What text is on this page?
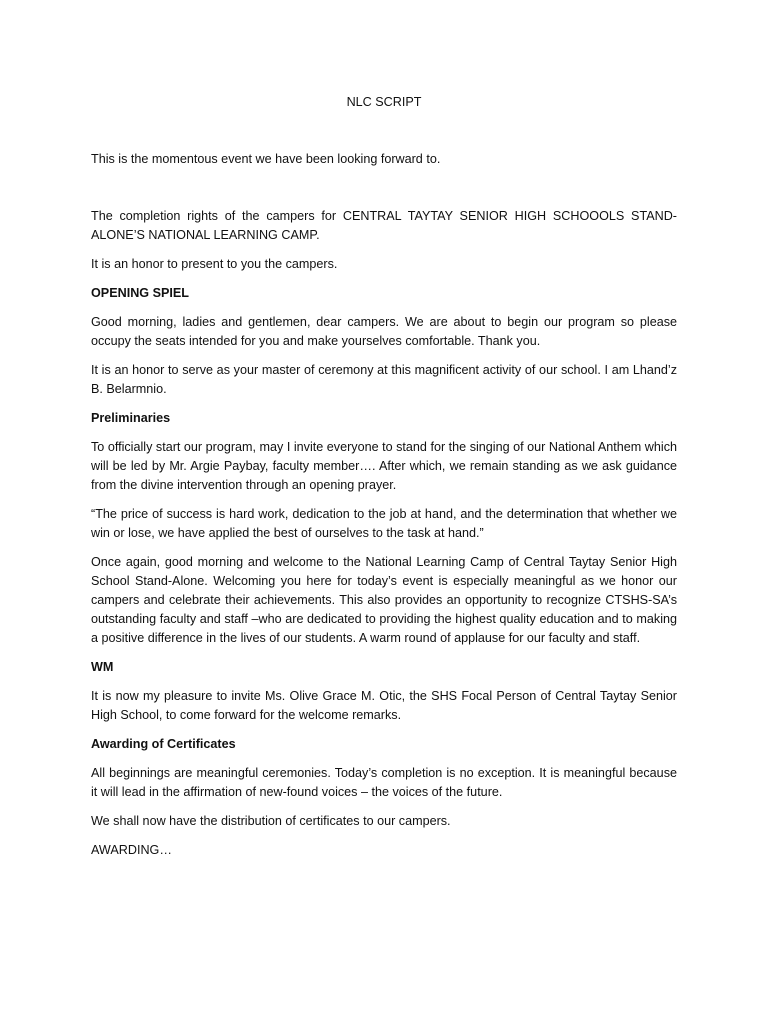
NLC SCRIPT

This is the momentous event we have been looking forward to.

The completion rights of the campers for CENTRAL TAYTAY SENIOR HIGH SCHOOOLS STAND-ALONE’S NATIONAL LEARNING CAMP.

It is an honor to present to you the campers.

OPENING SPIEL

Good morning, ladies and gentlemen, dear campers. We are about to begin our program so please occupy the seats intended for you and make yourselves comfortable. Thank you.

It is an honor to serve as your master of ceremony at this magnificent activity of our school. I am Lhand’z B. Belarmnio.

Preliminaries

To officially start our program, may I invite everyone to stand for the singing of our National Anthem which will be led by Mr. Argie Paybay, faculty member…. After which, we remain standing as we ask guidance from the divine intervention through an opening prayer.

“The price of success is hard work, dedication to the job at hand, and the determination that whether we win or lose, we have applied the best of ourselves to the task at hand.”

Once again, good morning and welcome to the National Learning Camp of Central Taytay Senior High School Stand-Alone. Welcoming you here for today’s event is especially meaningful as we honor our campers and celebrate their achievements. This also provides an opportunity to recognize CTSHS-SA’s outstanding faculty and staff –who are dedicated to providing the highest quality education and to making a positive difference in the lives of our students. A warm round of applause for our faculty and staff.

WM

It is now my pleasure to invite Ms. Olive Grace M. Otic, the SHS Focal Person of Central Taytay Senior High School, to come forward for the welcome remarks.

Awarding of Certificates

All beginnings are meaningful ceremonies. Today’s completion is no exception. It is meaningful because it will lead in the affirmation of new-found voices – the voices of the future.

We shall now have the distribution of certificates to our campers.

AWARDING…
